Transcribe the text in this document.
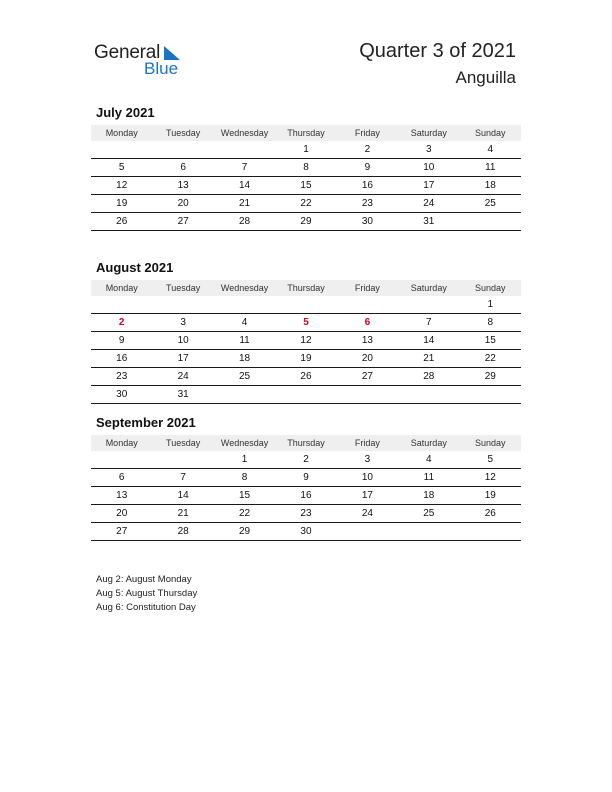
General
Blue
Quarter 3 of 2021
Anguilla
July 2021
Monday	Tuesday	Wednesday	Thursday	Friday	Saturday	Sunday
			1	2	3	4
5	6	7	8	9	10	11
12	13	14	15	16	17	18
19	20	21	22	23	24	25
26	27	28	29	30	31	
August 2021
Monday	Tuesday	Wednesday	Thursday	Friday	Saturday	Sunday
						1
2	3	4	5	6	7	8
9	10	11	12	13	14	15
16	17	18	19	20	21	22
23	24	25	26	27	28	29
30	31					
September 2021
Monday	Tuesday	Wednesday	Thursday	Friday	Saturday	Sunday
		1	2	3	4	5
6	7	8	9	10	11	12
13	14	15	16	17	18	19
20	21	22	23	24	25	26
27	28	29	30			
Aug 2: August Monday
Aug 5: August Thursday
Aug 6: Constitution Day
